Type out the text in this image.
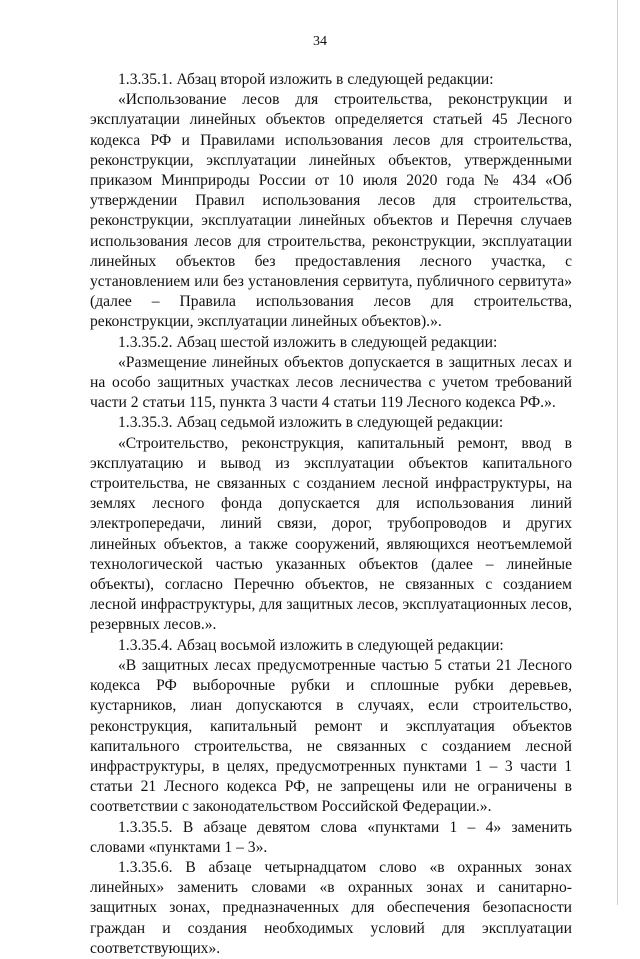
34

1.3.35.1. Абзац второй изложить в следующей редакции:

«Использование лесов для строительства, реконструкции и эксплуатации линейных объектов определяется статьей 45 Лесного кодекса РФ и Правилами использования лесов для строительства, реконструкции, эксплуатации линейных объектов, утвержденными приказом Минприроды России от 10 июля 2020 года № 434 «Об утверждении Правил использования лесов для строительства, реконструкции, эксплуатации линейных объектов и Перечня случаев использования лесов для строительства, реконструкции, эксплуатации линейных объектов без предоставления лесного участка, с установлением или без установления сервитута, публичного сервитута» (далее – Правила использования лесов для строительства, реконструкции, эксплуатации линейных объектов).».

1.3.35.2. Абзац шестой изложить в следующей редакции:

«Размещение линейных объектов допускается в защитных лесах и на особо защитных участках лесов лесничества с учетом требований части 2 статьи 115, пункта 3 части 4 статьи 119 Лесного кодекса РФ.».

1.3.35.3. Абзац седьмой изложить в следующей редакции:

«Строительство, реконструкция, капитальный ремонт, ввод в эксплуатацию и вывод из эксплуатации объектов капитального строительства, не связанных с созданием лесной инфраструктуры, на землях лесного фонда допускается для использования линий электропередачи, линий связи, дорог, трубопроводов и других линейных объектов, а также сооружений, являющихся неотъемлемой технологической частью указанных объектов (далее – линейные объекты), согласно Перечню объектов, не связанных с созданием лесной инфраструктуры, для защитных лесов, эксплуатационных лесов, резервных лесов.».

1.3.35.4. Абзац восьмой изложить в следующей редакции:

«В защитных лесах предусмотренные частью 5 статьи 21 Лесного кодекса РФ выборочные рубки и сплошные рубки деревьев, кустарников, лиан допускаются в случаях, если строительство, реконструкция, капитальный ремонт и эксплуатация объектов капитального строительства, не связанных с созданием лесной инфраструктуры, в целях, предусмотренных пунктами 1 – 3 части 1 статьи 21 Лесного кодекса РФ, не запрещены или не ограничены в соответствии с законодательством Российской Федерации.».

1.3.35.5. В абзаце девятом слова «пунктами 1 – 4» заменить словами «пунктами 1 – 3».

1.3.35.6. В абзаце четырнадцатом слово «в охранных зонах линейных» заменить словами «в охранных зонах и санитарно-защитных зонах, предназначенных для обеспечения безопасности граждан и создания необходимых условий для эксплуатации соответствующих».
